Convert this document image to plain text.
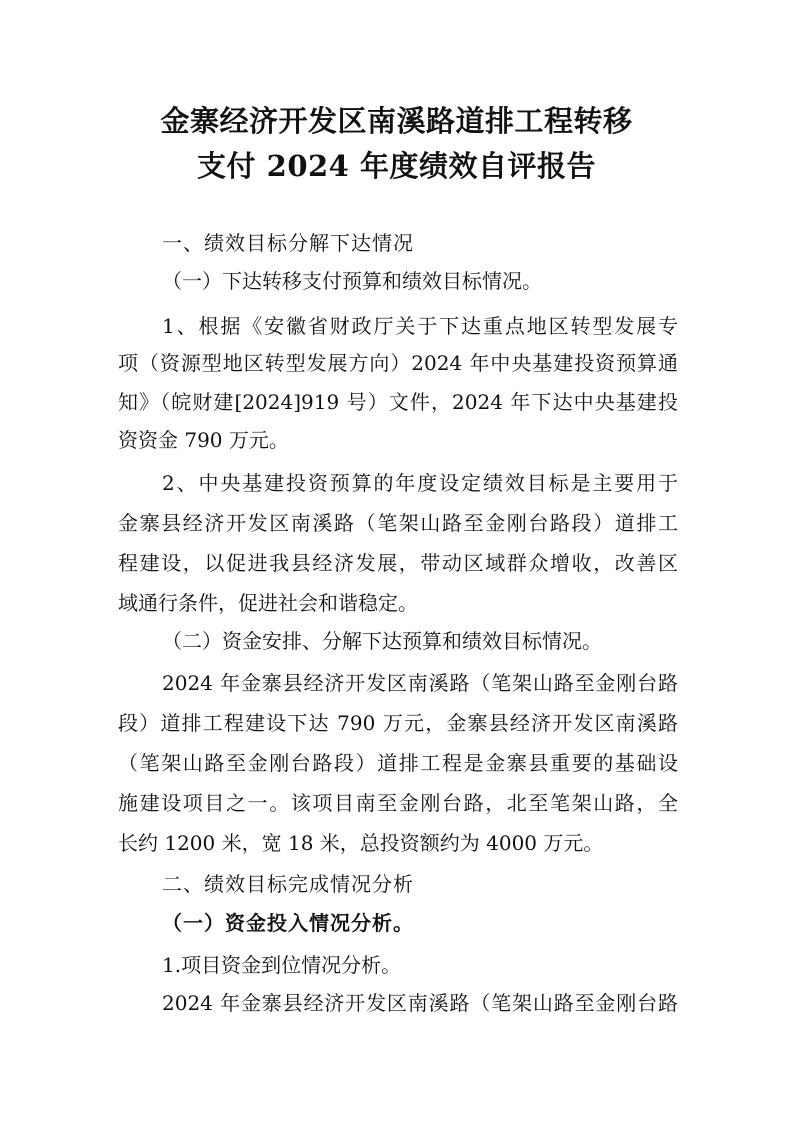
金寨经济开发区南溪路道排工程转移
支付 2024 年度绩效自评报告
一、绩效目标分解下达情况
（一）下达转移支付预算和绩效目标情况。
1、根据《安徽省财政厅关于下达重点地区转型发展专
项（资源型地区转型发展方向）2024 年中央基建投资预算通
知》（皖财建[2024]919 号）文件，2024 年下达中央基建投
资资金 790 万元。
2、中央基建投资预算的年度设定绩效目标是主要用于
金寨县经济开发区南溪路（笔架山路至金刚台路段）道排工
程建设，以促进我县经济发展，带动区域群众增收，改善区
域通行条件，促进社会和谐稳定。
（二）资金安排、分解下达预算和绩效目标情况。
2024 年金寨县经济开发区南溪路（笔架山路至金刚台路
段）道排工程建设下达 790 万元，金寨县经济开发区南溪路
（笔架山路至金刚台路段）道排工程是金寨县重要的基础设
施建设项目之一。该项目南至金刚台路，北至笔架山路，全
长约 1200 米，宽 18 米，总投资额约为 4000 万元。
二、绩效目标完成情况分析
（一）资金投入情况分析。
1.项目资金到位情况分析。
2024 年金寨县经济开发区南溪路（笔架山路至金刚台路
